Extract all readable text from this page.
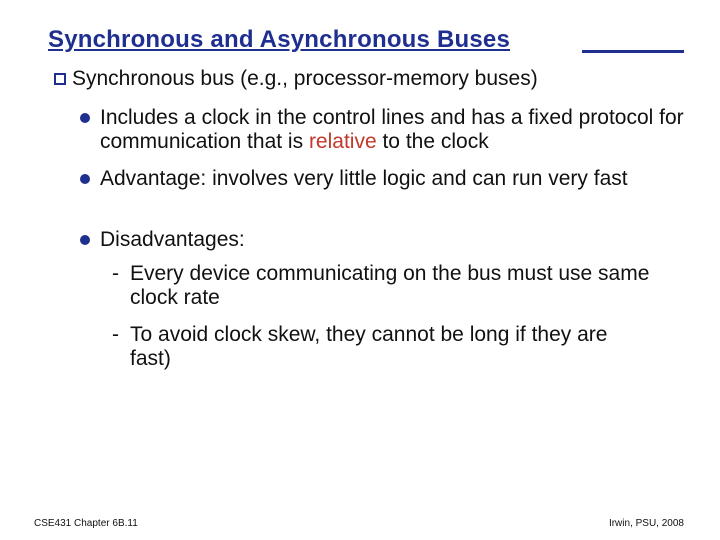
Synchronous and Asynchronous Buses
Synchronous bus (e.g., processor-memory buses)
Includes a clock in the control lines and has a fixed protocol for communication that is relative to the clock
Advantage: involves very little logic and can run very fast
Disadvantages:
- Every device communicating on the bus must use same clock rate
- To avoid clock skew, they cannot be long if they are fast)
CSE431 Chapter 6B.11	Irwin, PSU, 2008
